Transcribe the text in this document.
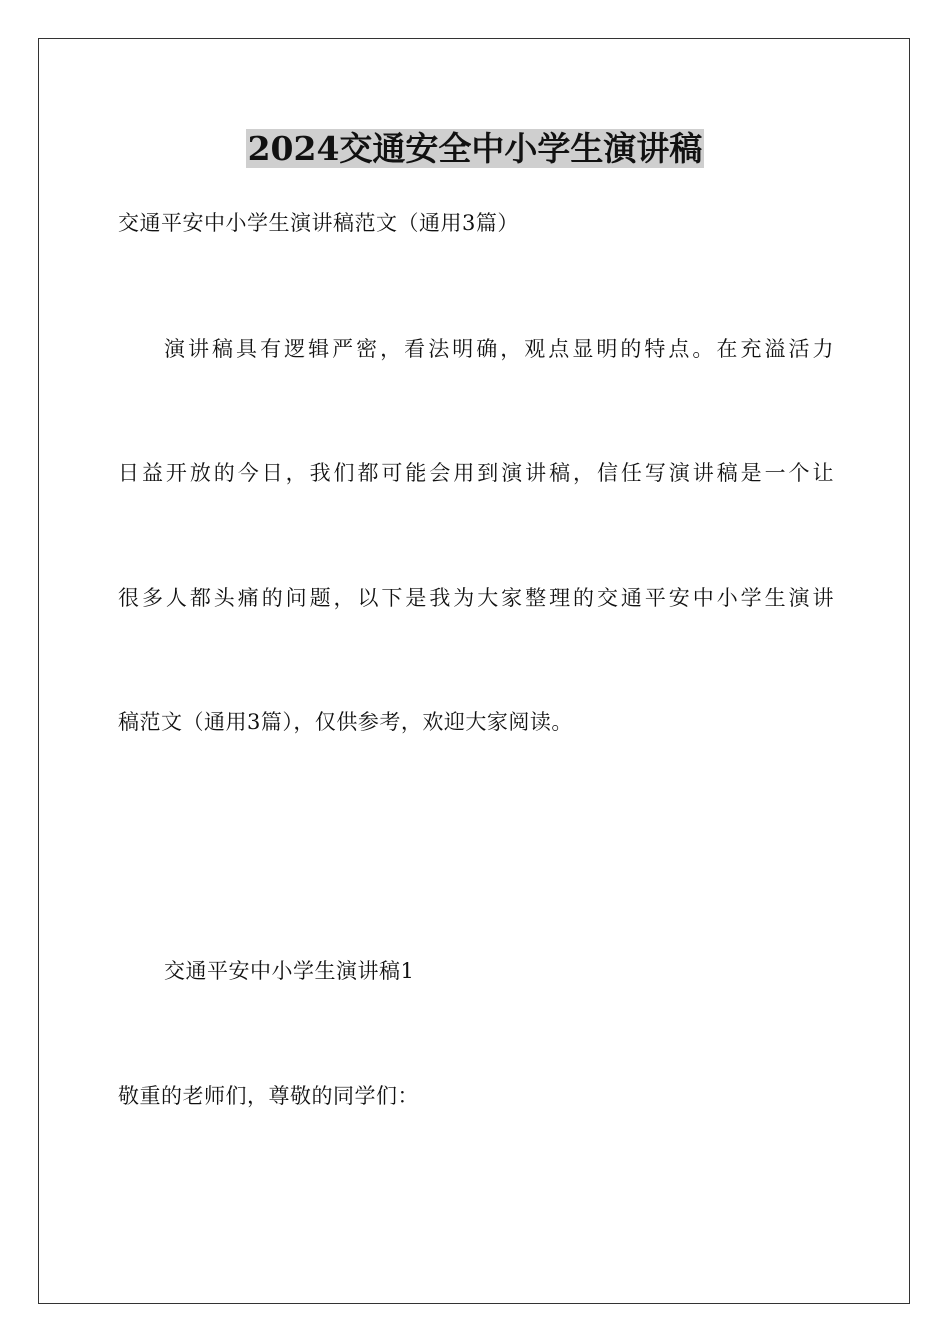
2024交通安全中小学生演讲稿
交通平安中小学生演讲稿范文（通用3篇）
演讲稿具有逻辑严密，看法明确，观点显明的特点。在充溢活力
日益开放的今日，我们都可能会用到演讲稿，信任写演讲稿是一个让
很多人都头痛的问题，以下是我为大家整理的交通平安中小学生演讲
稿范文（通用3篇），仅供参考，欢迎大家阅读。
交通平安中小学生演讲稿1
敬重的老师们，尊敬的同学们：
